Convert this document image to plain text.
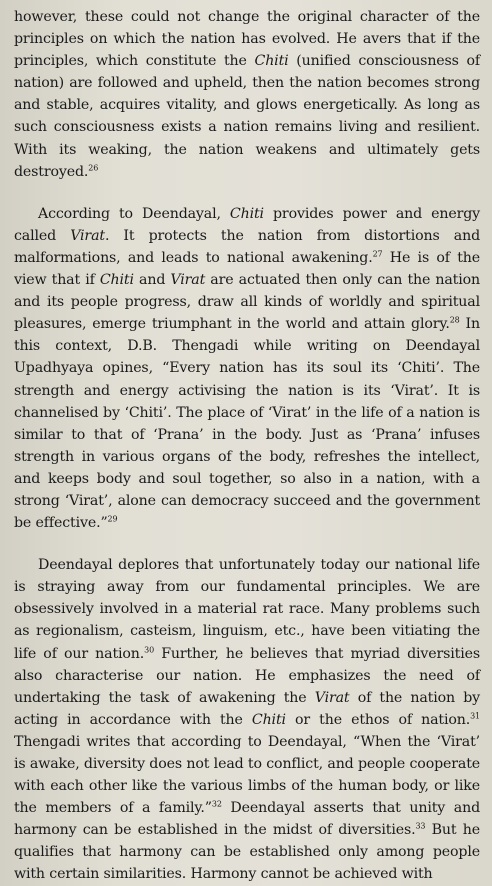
however, these could not change the original character of the principles on which the nation has evolved. He avers that if the principles, which constitute the Chiti (unified consciousness of nation) are followed and upheld, then the nation becomes strong and stable, acquires vitality, and glows energetically. As long as such consciousness exists a nation remains living and resilient. With its weaking, the nation weakens and ultimately gets destroyed.$^{26}$

According to Deendayal, Chiti provides power and energy called Virat. It protects the nation from distortions and malformations, and leads to national awakening.$^{27}$ He is of the view that if Chiti and Virat are actuated then only can the nation and its people progress, draw all kinds of worldly and spiritual pleasures, emerge triumphant in the world and attain glory.$^{28}$ In this context, D.B. Thengadi while writing on Deendayal Upadhyaya opines, “Every nation has its soul its ‘Chiti’. The strength and energy activising the nation is its ‘Virat’. It is channelised by ‘Chiti’. The place of ‘Virat’ in the life of a nation is similar to that of ‘Prana’ in the body. Just as ‘Prana’ infuses strength in various organs of the body, refreshes the intellect, and keeps body and soul together, so also in a nation, with a strong ‘Virat’, alone can democracy succeed and the government be effective.”$^{29}$

Deendayal deplores that unfortunately today our national life is straying away from our fundamental principles. We are obsessively involved in a material rat race. Many problems such as regionalism, casteism, linguism, etc., have been vitiating the life of our nation.$^{30}$ Further, he believes that myriad diversities also characterise our nation. He emphasizes the need of undertaking the task of awakening the Virat of the nation by acting in accordance with the Chiti or the ethos of nation.$^{31}$ Thengadi writes that according to Deendayal, “When the ‘Virat’ is awake, diversity does not lead to conflict, and people cooperate with each other like the various limbs of the human body, or like the members of a family.”$^{32}$ Deendayal asserts that unity and harmony can be established in the midst of diversities.$^{33}$ But he qualifies that harmony can be established only among people with certain similarities. Harmony cannot be achieved with
